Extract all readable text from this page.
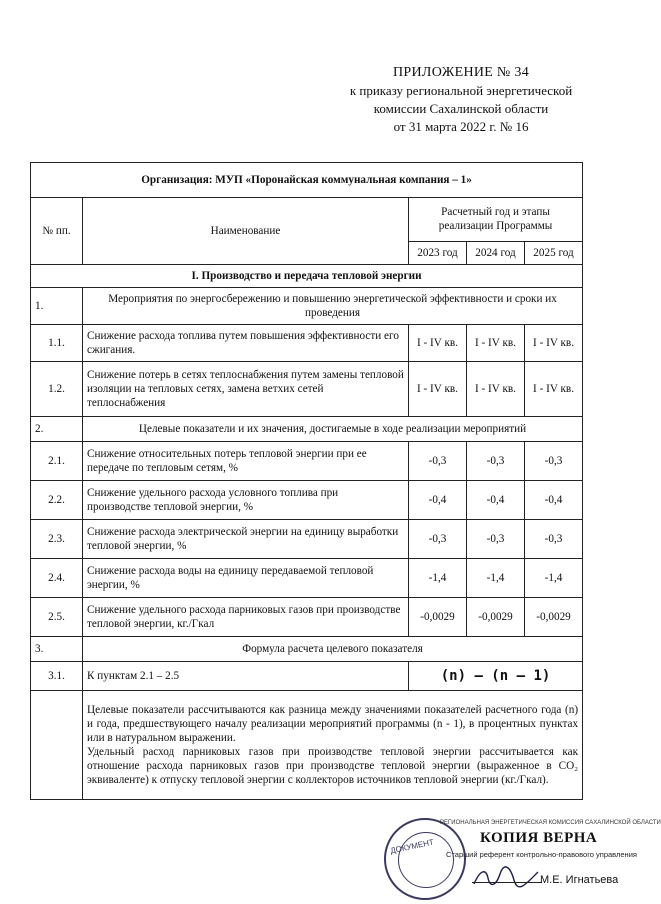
ПРИЛОЖЕНИЕ № 34
к приказу региональной энергетической
комиссии Сахалинской области
от 31 марта 2022 г. № 16
Организация: МУП «Поронайская коммунальная компания – 1»				
№ пп.	Наименование	Расчетный год и этапы реализации Программы		
		2023 год	2024 год	2025 год
I. Производство и передача тепловой энергии				
1.	Мероприятия по энергосбережению и повышению энергетической эффективности и сроки их проведения			
1.1.	Снижение расхода топлива путем повышения эффективности его сжигания.	I - IV кв.	I - IV кв.	I - IV кв.
1.2.	Снижение потерь в сетях теплоснабжения путем замены тепловой изоляции на тепловых сетях, замена ветхих сетей теплоснабжения	I - IV кв.	I - IV кв.	I - IV кв.
2.	Целевые показатели и их значения, достигаемые в ходе реализации мероприятий			
2.1.	Снижение относительных потерь тепловой энергии при ее передаче по тепловым сетям, %	-0,3	-0,3	-0,3
2.2.	Снижение удельного расхода условного топлива при производстве тепловой энергии, %	-0,4	-0,4	-0,4
2.3.	Снижение расхода электрической энергии на единицу выработки тепловой энергии, %	-0,3	-0,3	-0,3
2.4.	Снижение расхода воды на единицу передаваемой тепловой энергии, %	-1,4	-1,4	-1,4
2.5.	Снижение удельного расхода парниковых газов при производстве тепловой энергии, кг./Гкал	-0,0029	-0,0029	-0,0029
3.	Формула расчета целевого показателя			
3.1.	К пунктам 2.1 – 2.5	(n) – (n – 1)		

	Целевые показатели рассчитываются как разница между значениями показателей расчетного года (n) и года, предшествующего началу реализации мероприятий программы (n - 1), в процентных пунктах или в натуральном выражении.
Удельный расход парниковых газов при производстве тепловой энергии рассчитывается как отношение расхода парниковых газов при производстве тепловой энергии (выраженное в CO₂ эквиваленте) к отпуску тепловой энергии с коллекторов источников тепловой энергии (кг./Гкал).			
ДОКУМЕНТ
РЕГИОНАЛЬНАЯ ЭНЕРГЕТИЧЕСКАЯ КОМИССИЯ САХАЛИНСКОЙ ОБЛАСТИ
КОПИЯ ВЕРНА
Старший референт контрольно-правового управления
М.Е. Игнатьева
